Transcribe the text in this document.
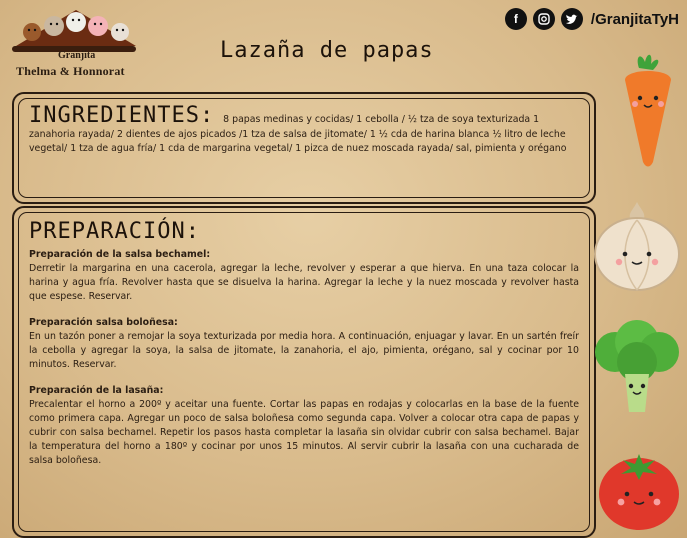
Granjita
Thelma & Honnorat
Lazaña de papas
f	/GranjitaTyH
INGREDIENTES: 8 papas medinas y cocidas/ 1 cebolla / ½ tza de soya texturizada 1 zanahoria rayada/ 2 dientes de ajos picados /1 tza de salsa de jitomate/ 1 ½ cda de harina blanca ½ litro de leche vegetal/ 1 tza de agua fría/ 1 cda de margarina vegetal/ 1 pizca de nuez moscada rayada/ sal, pimienta y orégano
PREPARACIÓN:
Preparación de la salsa bechamel:
Derretir la margarina en una cacerola, agregar la leche, revolver y esperar a que hierva. En una taza colocar la harina y agua fría. Revolver hasta que se disuelva la harina. Agregar la leche y la nuez moscada y revolver hasta que espese. Reservar.
Preparación salsa boloñesa:
En un tazón poner a remojar la soya texturizada por media hora. A continuación, enjuagar y lavar. En un sartén freír la cebolla y agregar la soya, la salsa de jitomate, la zanahoria, el ajo, pimienta, orégano, sal y cocinar por 10 minutos. Reservar.
Preparación de la lasaña:
Precalentar el horno a 200º y aceitar una fuente. Cortar las papas en rodajas y colocarlas en la base de la fuente como primera capa. Agregar un poco de salsa boloñesa como segunda capa. Volver a colocar otra capa de papas y cubrir con salsa bechamel. Repetir los pasos hasta completar la lasaña sin olvidar cubrir con salsa bechamel. Bajar la temperatura del horno a 180º y cocinar por unos 15 minutos. Al servir cubrir la lasaña con una cucharada de salsa boloñesa.
